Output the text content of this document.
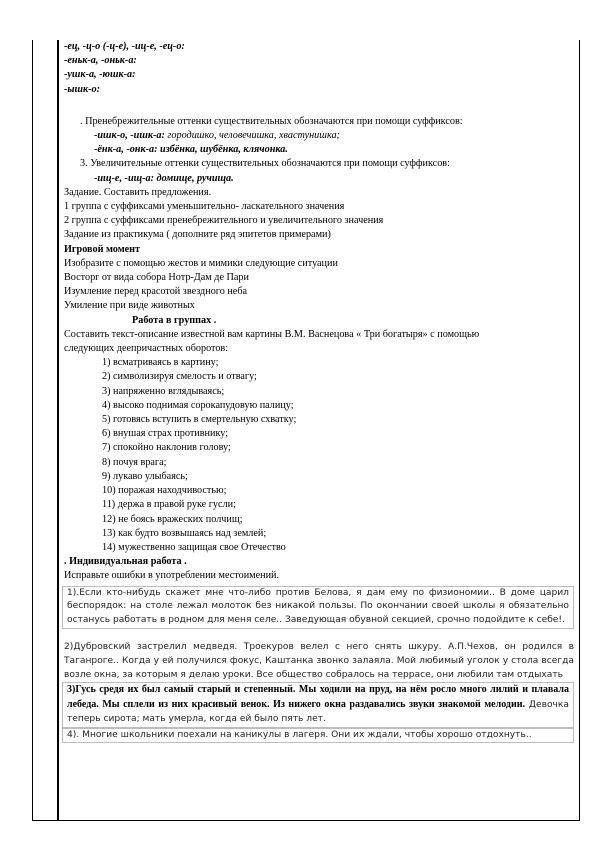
-ец, -ц-о (-ц-е), -иц-е, -ец-о:
-еньк-а, -оньк-а:
-ушк-а, -юшк-а:
-ышк-о:
. Пренебрежительные оттенки существительных обозначаются при помощи суффиксов:
-ишк-о, -ишк-а: городишко, человечишка, хвастунишка;
-ёнк-а, -онк-а: избёнка, шубёнка, клячонка.
3. Увеличительные оттенки существительных обозначаются при помощи суффиксов:
-ищ-е, -ищ-а: домище, ручища.
Задание. Составить предложения.
1 группа с суффиксами уменьшительно- ласкательного значения
2 группа с суффиксами пренебрежительного и увеличительного значения
Задание из практикума ( дополните ряд эпитетов примерами)
Игровой момент
Изобразите с помощью жестов и мимики следующие ситуации
Восторг от вида собора Нотр-Дам де Пари
Изумление перед красотой звездного неба
Умиление при виде животных
Работа в группах .
Составить текст-описание известной вам картины В.М. Васнецова « Три богатыря» с помощью
следующих деепричастных оборотов:
1) всматриваясь в картину;
2) символизируя смелость и отвагу;
3) напряженно вглядываясь;
4) высоко поднимая сорокапудовую палицу;
5) готовясь вступить в смертельную схватку;
6) внушая страх противнику;
7) спокойно наклонив голову;
8) почуя врага;
9) лукаво улыбаясь;
10) поражая находчивостью;
11) держа в правой руке гусли;
12) не боясь вражеских полчищ;
13) как будто возвышаясь над землей;
14) мужественно защищая свое Отечество
. Индивидуальная работа .
Исправьте ошибки в употреблении местоимений.
1).Если кто-нибудь скажет мне что-либо против Белова, я дам ему по физиономии.. В доме царил беспорядок: на столе лежал молоток без никакой пользы. По окончании своей школы я обязательно останусь работать в родном для меня селе.. Заведующая обувной секцией, срочно подойдите к себе!.
2)Дубровский застрелил медведя. Троекуров велел с него снять шкуру. А.П.Чехов, он родился в Таганроге.. Когда у ей получился фокус, Каштанка звонко залаяла. Мой любимый уголок у стола всегда возле окна, за которым я делаю уроки. Все общество собралось на террасе, они любили там отдыхать
3)Гусь средя их был самый старый и степенный. Мы ходили на пруд, на нём росло много лилий и плавала лебеда. Мы сплели из них красивый венок. Из нижего окна раздавались звуки знакомой мелодии. Девочка теперь сирота; мать умерла, когда ей было пять лет.
4). Многие школьники поехали на каникулы в лагеря. Они их ждали, чтобы хорошо отдохнуть..
